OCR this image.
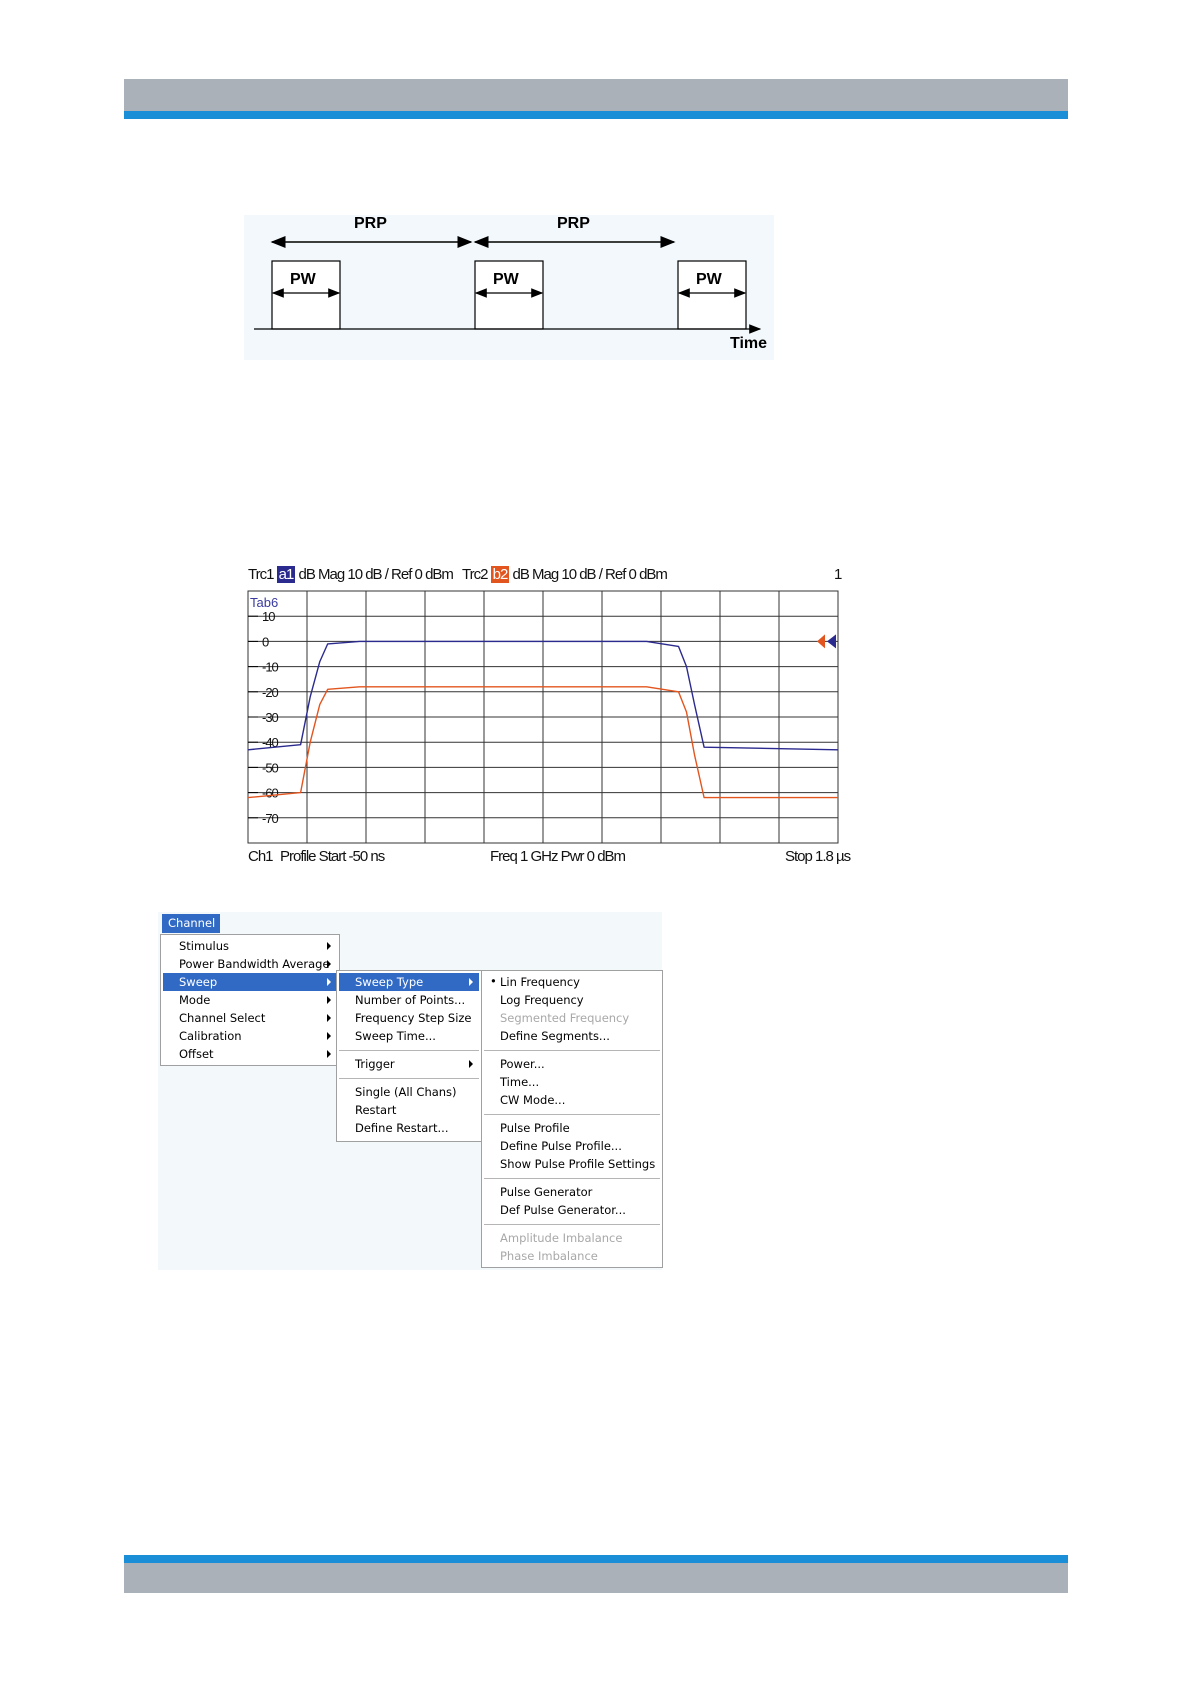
PRP	PRP
PW	PW	PW
Time
Trc1 a1 dB Mag 10 dB / Ref 0 dBm Trc2 b2 dB Mag 10 dB / Ref 0 dBm	1
Tab6
10
0
-10
-20
-30
-40
-50
-60
-70
Ch1 Profile Start -50 ns	Freq 1 GHz Pwr 0 dBm	Stop 1.8 µs
Channel
Stimulus
Power Bandwidth Average
Sweep
Mode
Channel Select
Calibration
Offset
Sweep Type
Number of Points...
Frequency Step Size
Sweep Time...
Trigger
Single (All Chans)
Restart
Define Restart...
• Lin Frequency
Log Frequency
Segmented Frequency
Define Segments...
Power...
Time...
CW Mode...
Pulse Profile
Define Pulse Profile...
Show Pulse Profile Settings
Pulse Generator
Def Pulse Generator...
Amplitude Imbalance
Phase Imbalance
